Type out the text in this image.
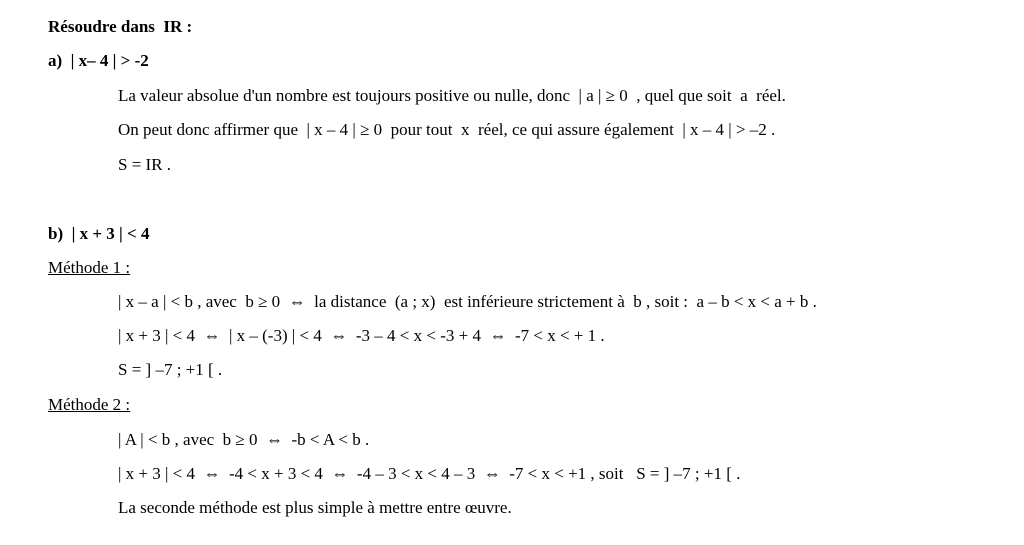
Résoudre dans  IR :
a)  | x– 4 | > -2
La valeur absolue d'un nombre est toujours positive ou nulle, donc  | a | ≥ 0  , quel que soit  a  réel.
On peut donc affirmer que  | x – 4 | ≥ 0  pour tout  x  réel, ce qui assure également  | x – 4 | > –2 .
S = IR .
b)  | x + 3 | < 4
Méthode 1 :
| x – a | < b , avec  b ≥ 0  ⇔  la distance  (a ; x)  est inférieure strictement à  b , soit :  a – b < x < a + b .
| x + 3 | < 4  ⇔  | x – (-3) | < 4  ⇔  -3 – 4 < x < -3 + 4  ⇔  -7 < x < + 1 .
S = ] –7 ; +1 [ .
Méthode 2 :
| A | < b , avec  b ≥ 0  ⇔  -b < A < b .
| x + 3 | < 4  ⇔  -4 < x + 3 < 4  ⇔  -4 – 3 < x < 4 – 3  ⇔  -7 < x < +1 , soit   S = ] –7 ; +1 [ .
La seconde méthode est plus simple à mettre entre œuvre.
